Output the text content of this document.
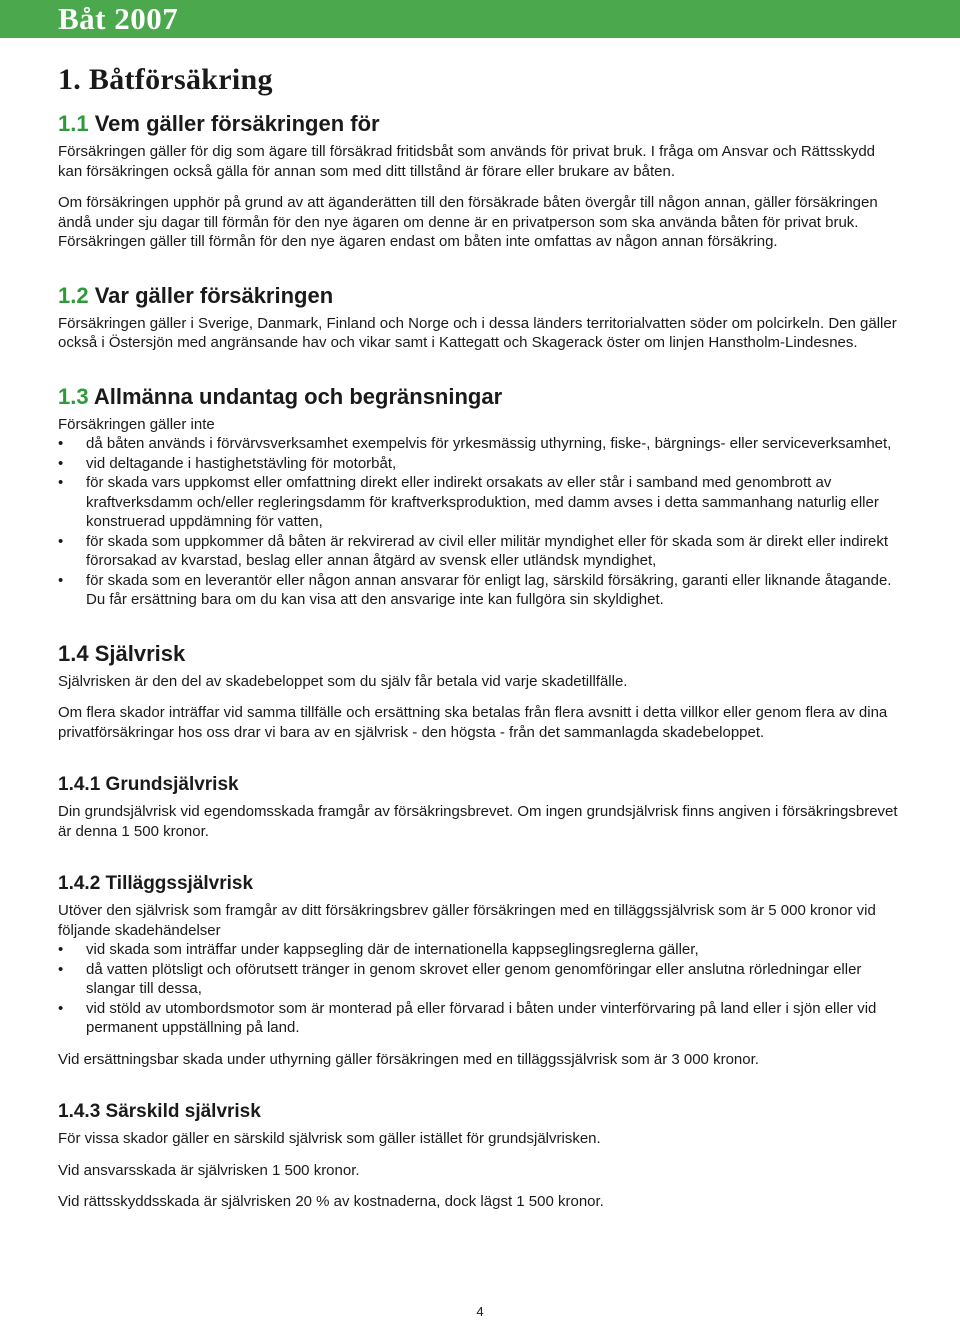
Båt 2007
1. Båtförsäkring
1.1 Vem gäller försäkringen för

Försäkringen gäller för dig som ägare till försäkrad fritidsbåt som används för privat bruk. I fråga om Ansvar och Rättsskydd kan försäkringen också gälla för annan som med ditt tillstånd är förare eller brukare av båten.

Om försäkringen upphör på grund av att äganderätten till den försäkrade båten övergår till någon annan, gäller försäkringen ändå under sju dagar till förmån för den nye ägaren om denne är en privatperson som ska använda båten för privat bruk. Försäkringen gäller till förmån för den nye ägaren endast om båten inte omfattas av någon annan försäkring.

1.2 Var gäller försäkringen

Försäkringen gäller i Sverige, Danmark, Finland och Norge och i dessa länders territorialvatten söder om polcirkeln. Den gäller också i Östersjön med angränsande hav och vikar samt i Kattegatt och Skagerack öster om linjen Hanstholm-Lindesnes.

1.3 Allmänna undantag och begränsningar

Försäkringen gäller inte

•	då båten används i förvärvsverksamhet exempelvis för yrkesmässig uthyrning, fiske-, bärgnings- eller serviceverksamhet,
•	vid deltagande i hastighetstävling för motorbåt,
•	för skada vars uppkomst eller omfattning direkt eller indirekt orsakats av eller står i samband med genombrott av kraftverksdamm och/eller regleringsdamm för kraftverksproduktion, med damm avses i detta sammanhang naturlig eller konstruerad uppdämning för vatten,
•	för skada som uppkommer då båten är rekvirerad av civil eller militär myndighet eller för skada som är direkt eller indirekt förorsakad av kvarstad, beslag eller annan åtgärd av svensk eller utländsk myndighet,
•	för skada som en leverantör eller någon annan ansvarar för enligt lag, särskild försäkring, garanti eller liknande åtagande. Du får ersättning bara om du kan visa att den ansvarige inte kan fullgöra sin skyldighet.
1.4 Självrisk

Självrisken är den del av skadebeloppet som du själv får betala vid varje skadetillfälle.

Om flera skador inträffar vid samma tillfälle och ersättning ska betalas från flera avsnitt i detta villkor eller genom flera av dina privatförsäkringar hos oss drar vi bara av en självrisk - den högsta - från det sammanlagda skadebeloppet.

1.4.1 Grundsjälvrisk

Din grundsjälvrisk vid egendomsskada framgår av försäkringsbrevet. Om ingen grundsjälvrisk finns angiven i försäkringsbrevet är denna 1 500 kronor.

1.4.2 Tilläggssjälvrisk

Utöver den självrisk som framgår av ditt försäkringsbrev gäller försäkringen med en tilläggssjälvrisk som är 5 000 kronor vid följande skadehändelser

•	vid skada som inträffar under kappsegling där de internationella kappseglingsreglerna gäller,
•	då vatten plötsligt och oförutsett tränger in genom skrovet eller genom genomföringar eller anslutna rörledningar eller slangar till dessa,
•	vid stöld av utombordsmotor som är monterad på eller förvarad i båten under vinterförvaring på land eller i sjön eller vid permanent uppställning på land.

Vid ersättningsbar skada under uthyrning gäller försäkringen med en tilläggssjälvrisk som är 3 000 kronor.

1.4.3 Särskild självrisk

För vissa skador gäller en särskild självrisk som gäller istället för grundsjälvrisken.

Vid ansvarsskada är självrisken 1 500 kronor.

Vid rättsskyddsskada är självrisken 20 % av kostnaderna, dock lägst 1 500 kronor.

4
